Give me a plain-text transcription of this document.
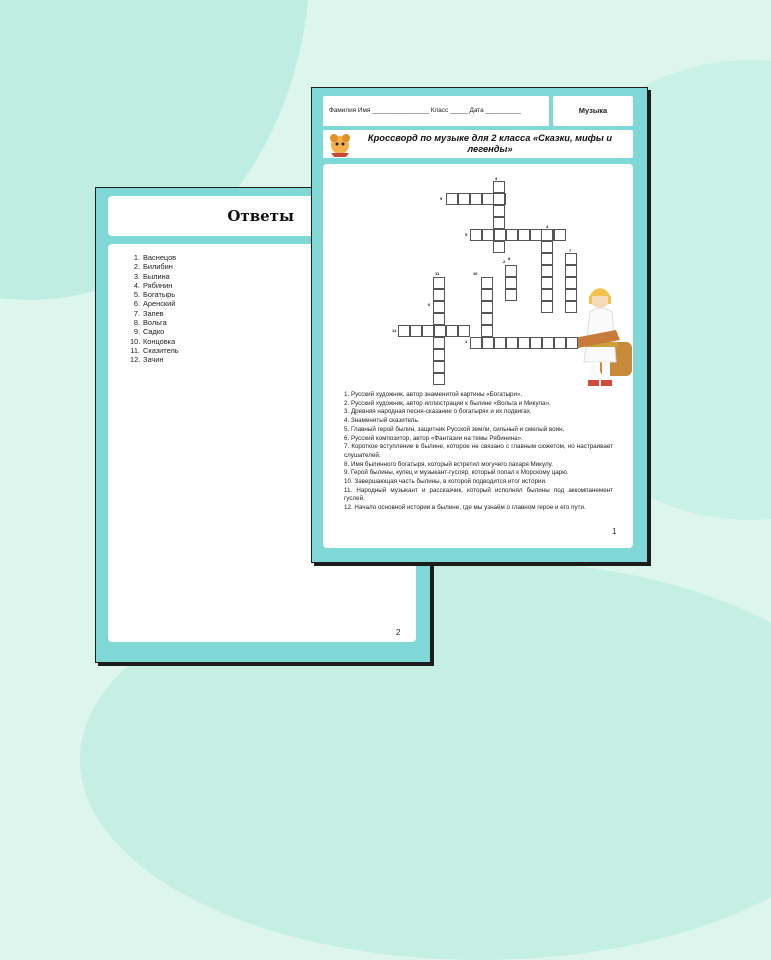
Ответы
1. Васнецов
2. Билибин
3. Былина
4. Рябинин
5. Богатырь
6. Аренский
7. Запев
8. Вольга
9. Садко
10. Концовка
11. Сказитель
12. Зачин
2
Фамилия Имя ________________ Класс _____ Дата __________	Музыка
Кроссворд по музыке для 2 класса «Сказки, мифы и легенды»
3
9
5
4
7
11	10
2
6
12
1
8

1. Русский художник, автор знаменитой картины «Богатыри».

2. Русский художник, автор иллюстрации к былине «Вольга и Микула».

3. Древняя народная песня-сказание о богатырях и их подвигах.

4. Знаменитый сказитель.

5. Главный герой былин, защитник Русской земли, сильный и смелый воин.

6. Русский композитор, автор «Фантазии на темы Рябинина».

7. Короткое вступление в былине, которое не связано с главным сюжетом, но настраивает слушателей.

8. Имя былинного богатыря, который встретил могучего пахаря Микулу.

9. Герой былины, купец и музыкант-гусляр, который попал к Морскому царю.

10. Завершающая часть былины, в которой подводится итог истории.

11. Народный музыкант и рассказчик, который исполнял былины под аккомпанемент гуслей.

12. Начало основной истории в былине, где мы узнаём о главном герое и его пути.

1
